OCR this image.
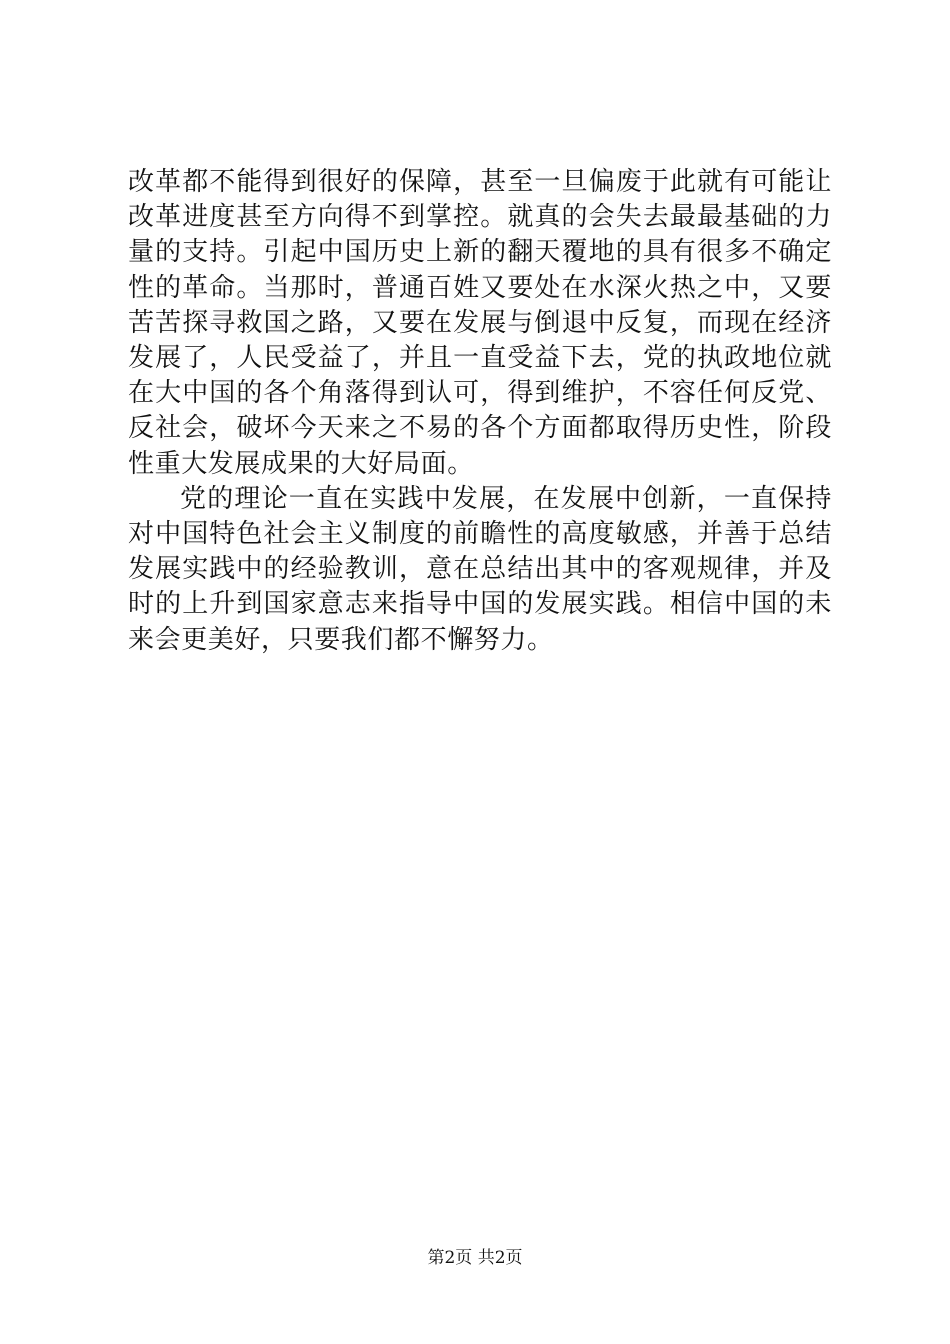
改革都不能得到很好的保障，甚至一旦偏废于此就有可能让改革进度甚至方向得不到掌控。就真的会失去最最基础的力量的支持。引起中国历史上新的翻天覆地的具有很多不确定性的革命。当那时，普通百姓又要处在水深火热之中，又要苦苦探寻救国之路，又要在发展与倒退中反复，而现在经济发展了，人民受益了，并且一直受益下去，党的执政地位就在大中国的各个角落得到认可，得到维护，不容任何反党、反社会，破坏今天来之不易的各个方面都取得历史性，阶段性重大发展成果的大好局面。

党的理论一直在实践中发展，在发展中创新，一直保持对中国特色社会主义制度的前瞻性的高度敏感，并善于总结发展实践中的经验教训，意在总结出其中的客观规律，并及时的上升到国家意志来指导中国的发展实践。相信中国的未来会更美好，只要我们都不懈努力。

第2页 共2页
